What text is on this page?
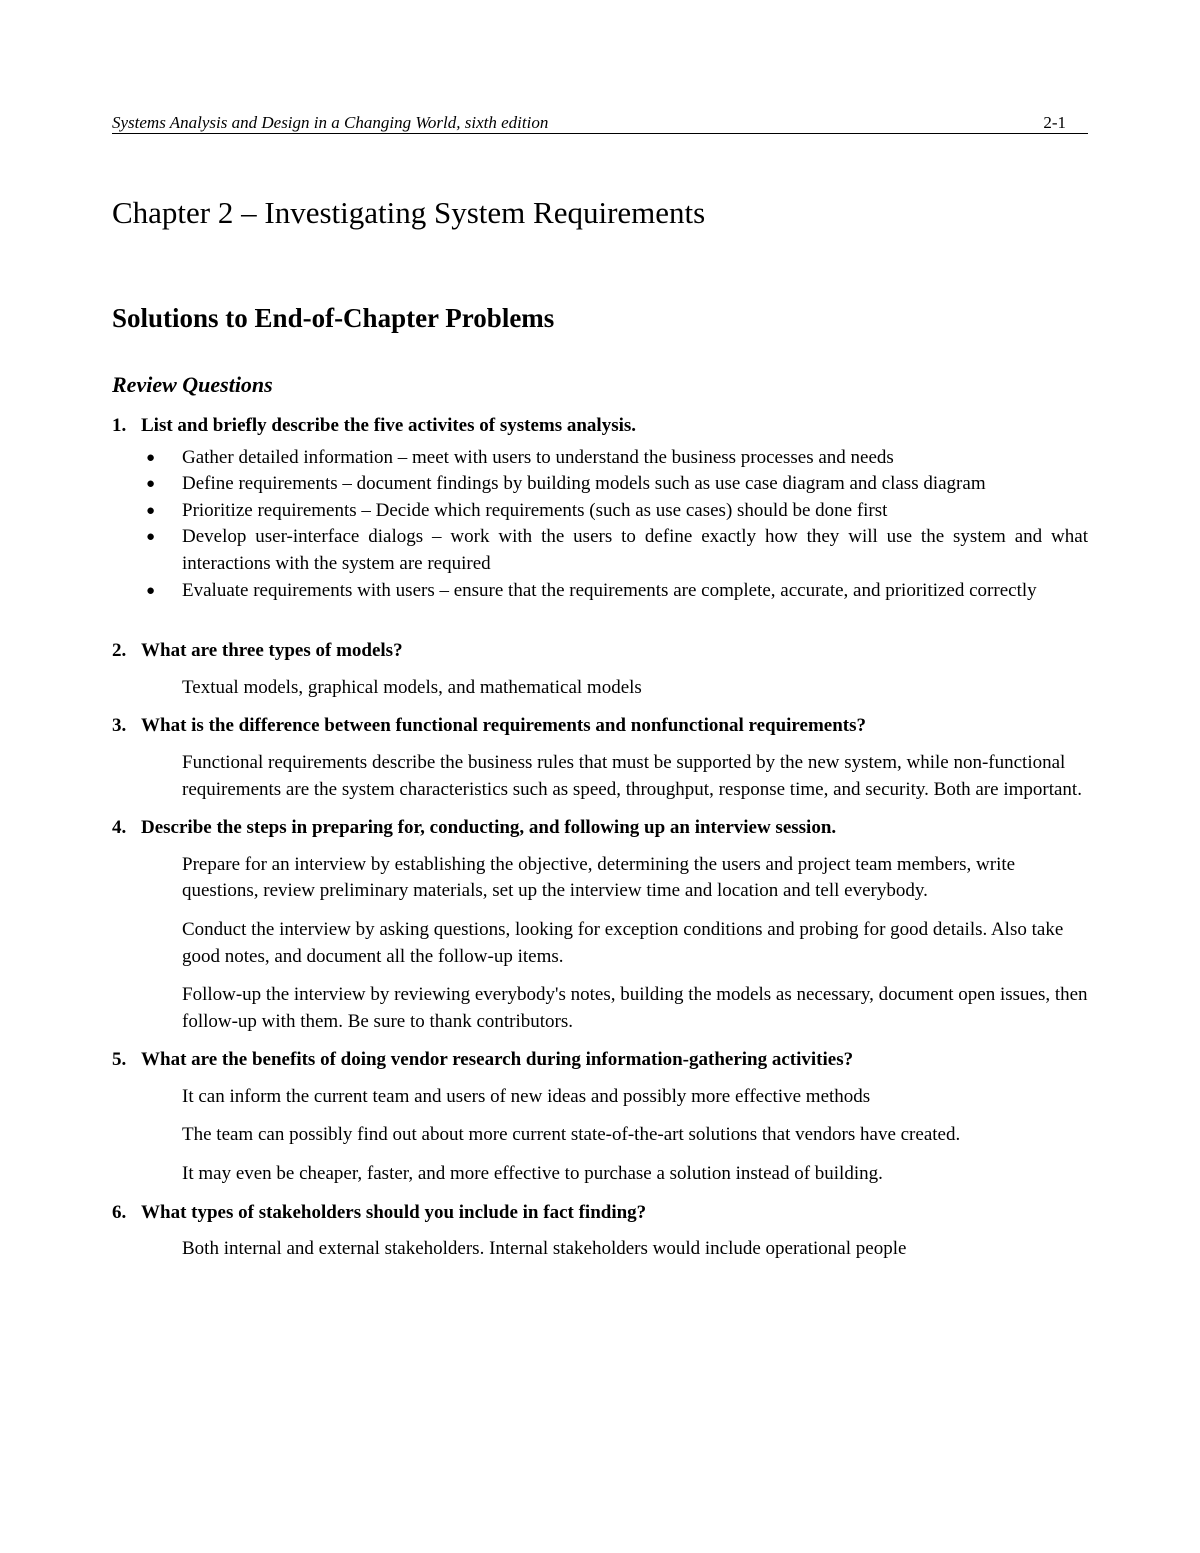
Systems Analysis and Design in a Changing World, sixth edition	2-1
Chapter 2 – Investigating System Requirements
Solutions to End-of-Chapter Problems
Review Questions
1. List and briefly describe the five activites of systems analysis.
● Gather detailed information – meet with users to understand the business processes and needs
● Define requirements – document findings by building models such as use case diagram and class diagram
● Prioritize requirements – Decide which requirements (such as use cases) should be done first
● Develop user-interface dialogs – work with the users to define exactly how they will use the system and what interactions with the system are required
● Evaluate requirements with users – ensure that the requirements are complete, accurate, and prioritized correctly
2. What are three types of models?

Textual models, graphical models, and mathematical models

3. What is the difference between functional requirements and nonfunctional requirements?

Functional requirements describe the business rules that must be supported by the new system, while non-functional requirements are the system characteristics such as speed, throughput, response time, and security. Both are important.

4. Describe the steps in preparing for, conducting, and following up an interview session.

Prepare for an interview by establishing the objective, determining the users and project team members, write questions, review preliminary materials, set up the interview time and location and tell everybody.

Conduct the interview by asking questions, looking for exception conditions and probing for good details. Also take good notes, and document all the follow-up items.

Follow-up the interview by reviewing everybody's notes, building the models as necessary, document open issues, then follow-up with them. Be sure to thank contributors.

5. What are the benefits of doing vendor research during information-gathering activities?

It can inform the current team and users of new ideas and possibly more effective methods

The team can possibly find out about more current state-of-the-art solutions that vendors have created.

It may even be cheaper, faster, and more effective to purchase a solution instead of building.

6. What types of stakeholders should you include in fact finding?

Both internal and external stakeholders. Internal stakeholders would include operational people
